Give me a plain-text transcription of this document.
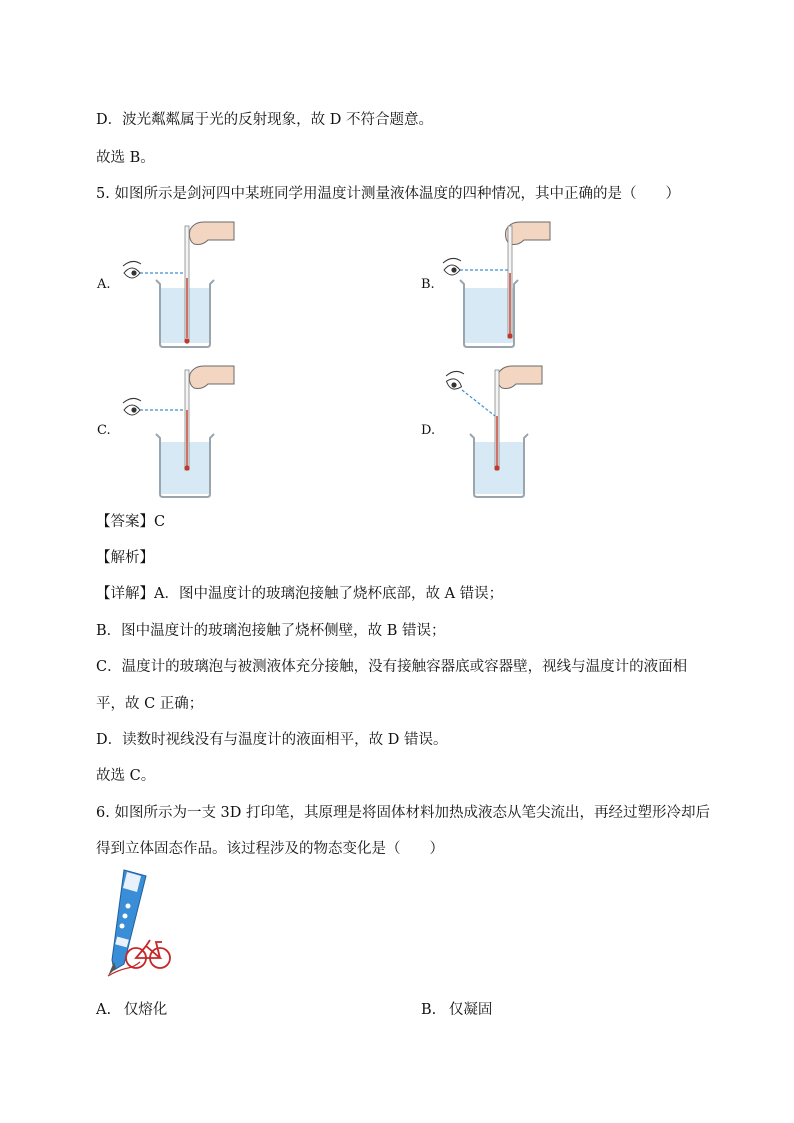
D．波光粼粼属于光的反射现象，故 D 不符合题意。
故选 B。
5. 如图所示是剑河四中某班同学用温度计测量液体温度的四种情况，其中正确的是（　　）
A.	B.
C.	D.
【答案】C
【解析】
【详解】A．图中温度计的玻璃泡接触了烧杯底部，故 A 错误；
B．图中温度计的玻璃泡接触了烧杯侧壁，故 B 错误；
C．温度计的玻璃泡与被测液体充分接触，没有接触容器底或容器壁，视线与温度计的液面相
平，故 C 正确；
D．读数时视线没有与温度计的液面相平，故 D 错误。
故选 C。
6. 如图所示为一支 3D 打印笔，其原理是将固体材料加热成液态从笔尖流出，再经过塑形冷却后
得到立体固态作品。该过程涉及的物态变化是（　　）
A. 仅熔化	B. 仅凝固
